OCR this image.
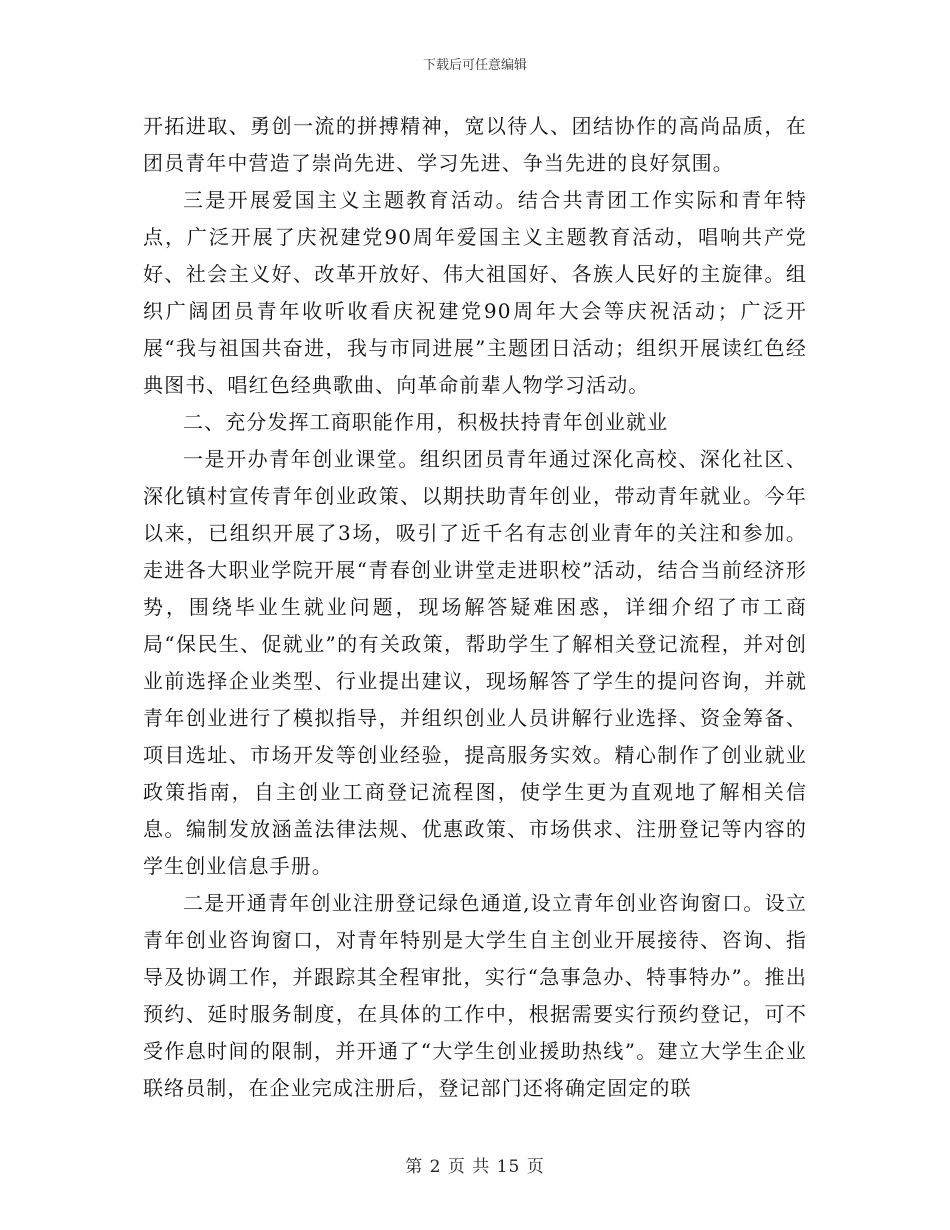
下载后可任意编辑

开拓进取、勇创一流的拼搏精神，宽以待人、团结协作的高尚品质，在团员青年中营造了崇尚先进、学习先进、争当先进的良好氛围。

三是开展爱国主义主题教育活动。结合共青团工作实际和青年特点，广泛开展了庆祝建党90周年爱国主义主题教育活动，唱响共产党好、社会主义好、改革开放好、伟大祖国好、各族人民好的主旋律。组织广阔团员青年收听收看庆祝建党90周年大会等庆祝活动；广泛开展“我与祖国共奋进，我与市同进展”主题团日活动；组织开展读红色经典图书、唱红色经典歌曲、向革命前辈人物学习活动。

二、充分发挥工商职能作用，积极扶持青年创业就业

一是开办青年创业课堂。组织团员青年通过深化高校、深化社区、深化镇村宣传青年创业政策、以期扶助青年创业，带动青年就业。今年以来，已组织开展了3场，吸引了近千名有志创业青年的关注和参加。走进各大职业学院开展“青春创业讲堂走进职校”活动，结合当前经济形势，围绕毕业生就业问题，现场解答疑难困惑，详细介绍了市工商局“保民生、促就业”的有关政策，帮助学生了解相关登记流程，并对创业前选择企业类型、行业提出建议，现场解答了学生的提问咨询，并就青年创业进行了模拟指导，并组织创业人员讲解行业选择、资金筹备、项目选址、市场开发等创业经验，提高服务实效。精心制作了创业就业政策指南，自主创业工商登记流程图，使学生更为直观地了解相关信息。编制发放涵盖法律法规、优惠政策、市场供求、注册登记等内容的学生创业信息手册。

二是开通青年创业注册登记绿色通道,设立青年创业咨询窗口。设立青年创业咨询窗口，对青年特别是大学生自主创业开展接待、咨询、指导及协调工作，并跟踪其全程审批，实行“急事急办、特事特办”。推出预约、延时服务制度，在具体的工作中，根据需要实行预约登记，可不受作息时间的限制，并开通了“大学生创业援助热线”。建立大学生企业联络员制，在企业完成注册后，登记部门还将确定固定的联

第 2 页 共 15 页
